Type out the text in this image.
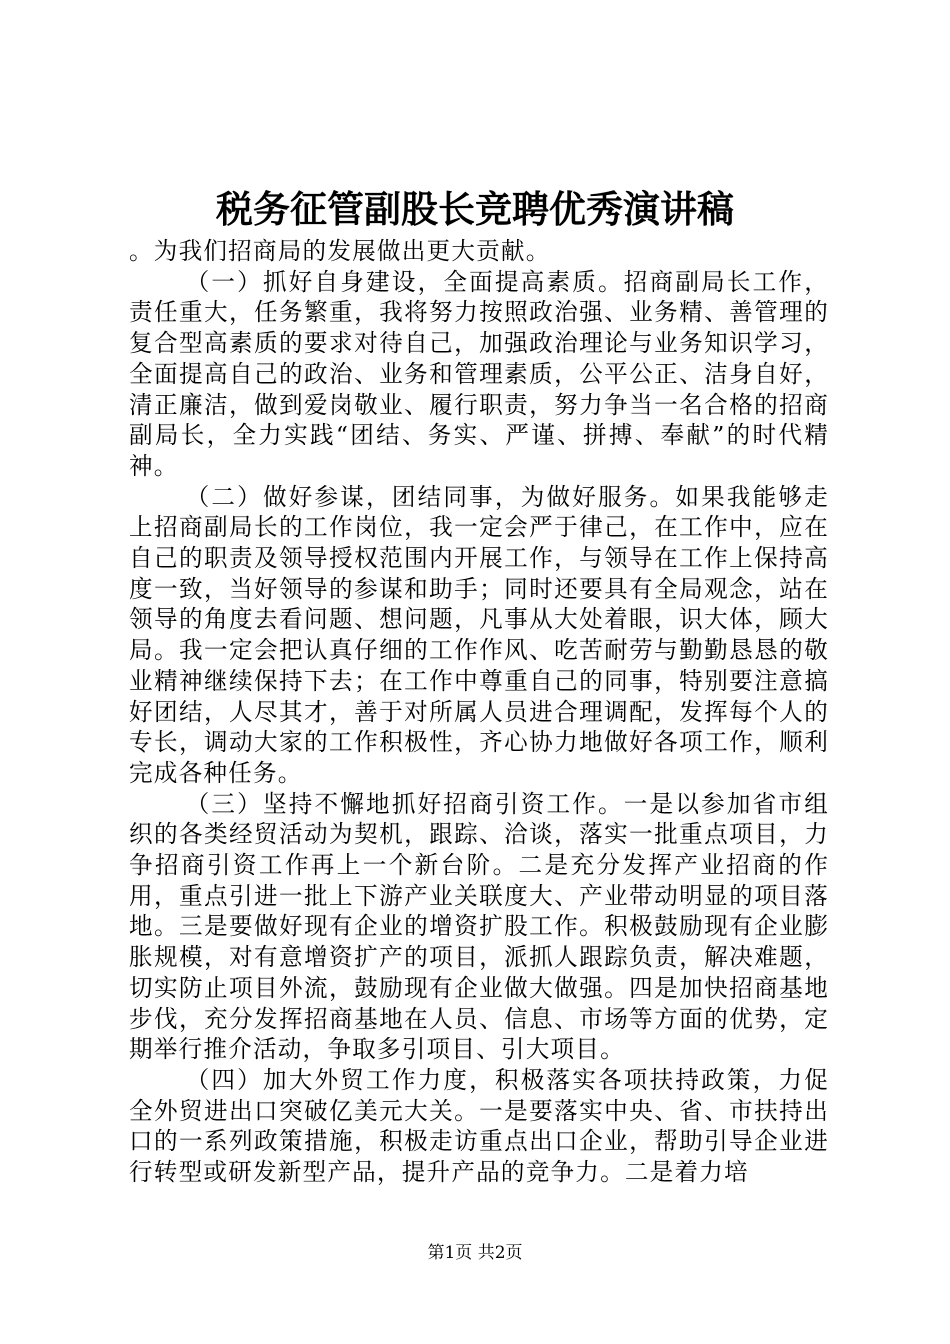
税务征管副股长竞聘优秀演讲稿

。为我们招商局的发展做出更大贡献。

（一）抓好自身建设，全面提高素质。招商副局长工作，责任重大，任务繁重，我将努力按照政治强、业务精、善管理的复合型高素质的要求对待自己，加强政治理论与业务知识学习，全面提高自己的政治、业务和管理素质，公平公正、洁身自好，清正廉洁，做到爱岗敬业、履行职责，努力争当一名合格的招商副局长，全力实践“团结、务实、严谨、拼搏、奉献”的时代精神。

（二）做好参谋，团结同事，为做好服务。如果我能够走上招商副局长的工作岗位，我一定会严于律己，在工作中，应在自己的职责及领导授权范围内开展工作，与领导在工作上保持高度一致，当好领导的参谋和助手；同时还要具有全局观念，站在领导的角度去看问题、想问题，凡事从大处着眼，识大体，顾大局。我一定会把认真仔细的工作作风、吃苦耐劳与勤勤恳恳的敬业精神继续保持下去；在工作中尊重自己的同事，特别要注意搞好团结，人尽其才，善于对所属人员进合理调配，发挥每个人的专长，调动大家的工作积极性，齐心协力地做好各项工作，顺利完成各种任务。

（三）坚持不懈地抓好招商引资工作。一是以参加省市组织的各类经贸活动为契机，跟踪、洽谈，落实一批重点项目，力争招商引资工作再上一个新台阶。二是充分发挥产业招商的作用，重点引进一批上下游产业关联度大、产业带动明显的项目落地。三是要做好现有企业的增资扩股工作。积极鼓励现有企业膨胀规模，对有意增资扩产的项目，派抓人跟踪负责，解决难题，切实防止项目外流，鼓励现有企业做大做强。四是加快招商基地步伐，充分发挥招商基地在人员、信息、市场等方面的优势，定期举行推介活动，争取多引项目、引大项目。

（四）加大外贸工作力度，积极落实各项扶持政策，力促全外贸进出口突破亿美元大关。一是要落实中央、省、市扶持出口的一系列政策措施，积极走访重点出口企业，帮助引导企业进行转型或研发新型产品，提升产品的竞争力。二是着力培

第1页 共2页
